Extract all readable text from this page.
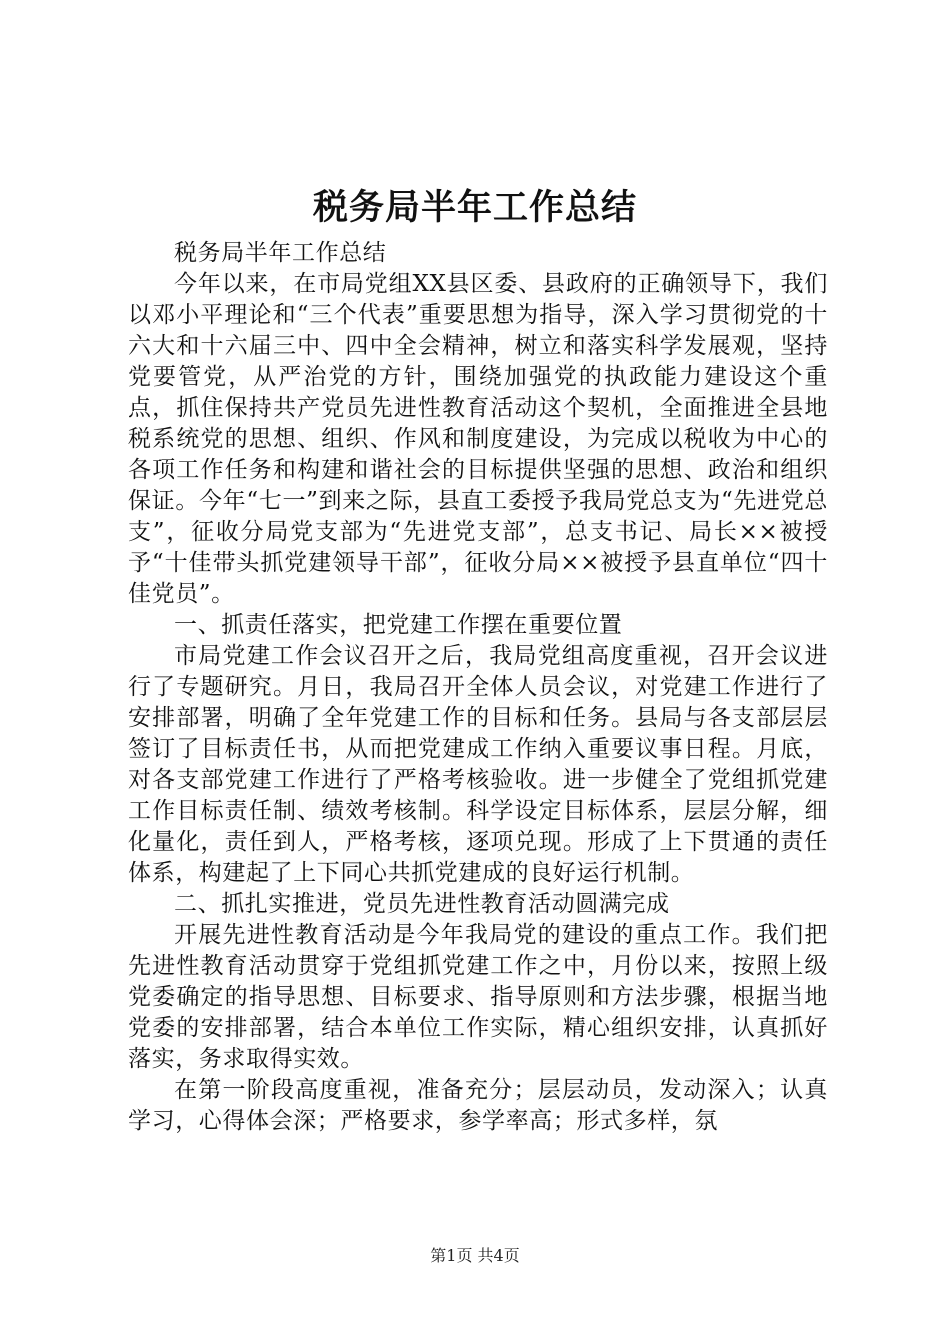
税务局半年工作总结

税务局半年工作总结

今年以来，在市局党组XX县区委、县政府的正确领导下，我们以邓小平理论和“三个代表”重要思想为指导，深入学习贯彻党的十六大和十六届三中、四中全会精神，树立和落实科学发展观，坚持党要管党，从严治党的方针，围绕加强党的执政能力建设这个重点，抓住保持共产党员先进性教育活动这个契机，全面推进全县地税系统党的思想、组织、作风和制度建设，为完成以税收为中心的各项工作任务和构建和谐社会的目标提供坚强的思想、政治和组织保证。今年“七一”到来之际，县直工委授予我局党总支为“先进党总支”，征收分局党支部为“先进党支部”，总支书记、局长××被授予“十佳带头抓党建领导干部”，征收分局××被授予县直单位“四十佳党员”。

一、抓责任落实，把党建工作摆在重要位置

市局党建工作会议召开之后，我局党组高度重视，召开会议进行了专题研究。月日，我局召开全体人员会议，对党建工作进行了安排部署，明确了全年党建工作的目标和任务。县局与各支部层层签订了目标责任书，从而把党建成工作纳入重要议事日程。月底，对各支部党建工作进行了严格考核验收。进一步健全了党组抓党建工作目标责任制、绩效考核制。科学设定目标体系，层层分解，细化量化，责任到人，严格考核，逐项兑现。形成了上下贯通的责任体系，构建起了上下同心共抓党建成的良好运行机制。

二、抓扎实推进，党员先进性教育活动圆满完成

开展先进性教育活动是今年我局党的建设的重点工作。我们把先进性教育活动贯穿于党组抓党建工作之中，月份以来，按照上级党委确定的指导思想、目标要求、指导原则和方法步骤，根据当地党委的安排部署，结合本单位工作实际，精心组织安排，认真抓好落实，务求取得实效。

在第一阶段高度重视，准备充分；层层动员，发动深入；认真学习，心得体会深；严格要求，参学率高；形式多样，氛

第1页 共4页
